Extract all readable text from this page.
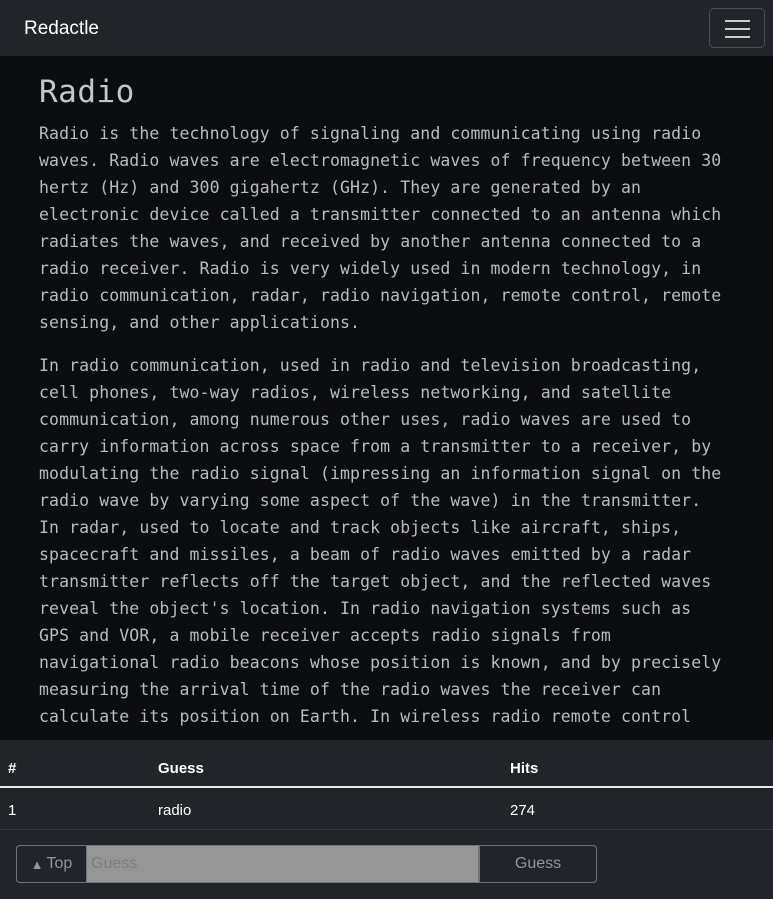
Redactle
Radio

Radio is the technology of signaling and communicating using radio waves. Radio waves are electromagnetic waves of frequency between 30 hertz (Hz) and 300 gigahertz (GHz). They are generated by an electronic device called a transmitter connected to an antenna which radiates the waves, and received by another antenna connected to a radio receiver. Radio is very widely used in modern technology, in radio communication, radar, radio navigation, remote control, remote sensing, and other applications.

In radio communication, used in radio and television broadcasting, cell phones, two-way radios, wireless networking, and satellite communication, among numerous other uses, radio waves are used to carry information across space from a transmitter to a receiver, by modulating the radio signal (impressing an information signal on the radio wave by varying some aspect of the wave) in the transmitter. In radar, used to locate and track objects like aircraft, ships, spacecraft and missiles, a beam of radio waves emitted by a radar transmitter reflects off the target object, and the reflected waves reveal the object's location. In radio navigation systems such as GPS and VOR, a mobile receiver accepts radio signals from navigational radio beacons whose position is known, and by precisely measuring the arrival time of the radio waves the receiver can calculate its position on Earth. In wireless radio remote control

#	Guess	Hits
1	radio	274
▲ Top
Guess	Guess
